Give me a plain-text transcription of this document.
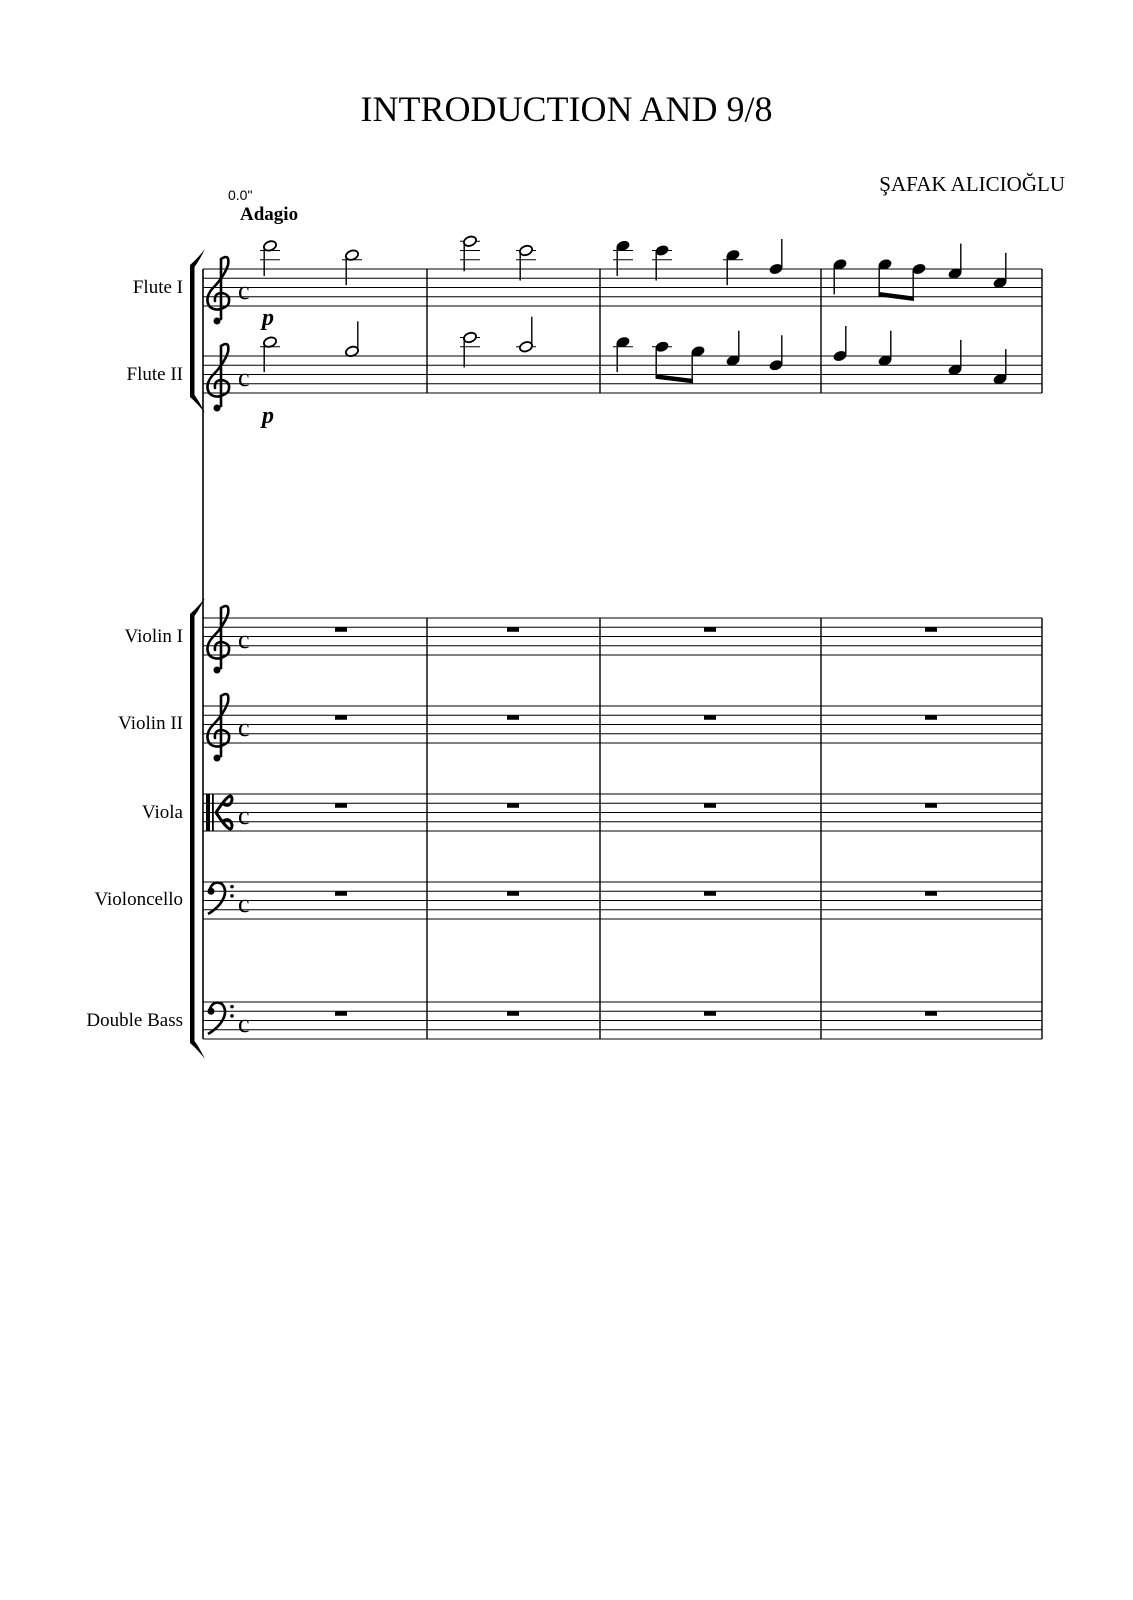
INTRODUCTION AND 9/8
ŞAFAK ALICIOĞLU
0.0"
Adagio
Flute I
Flute II
Violin I
Violin II
Viola
Violoncello
Double Bass
c
c
c
c
c
c
c
p
p
